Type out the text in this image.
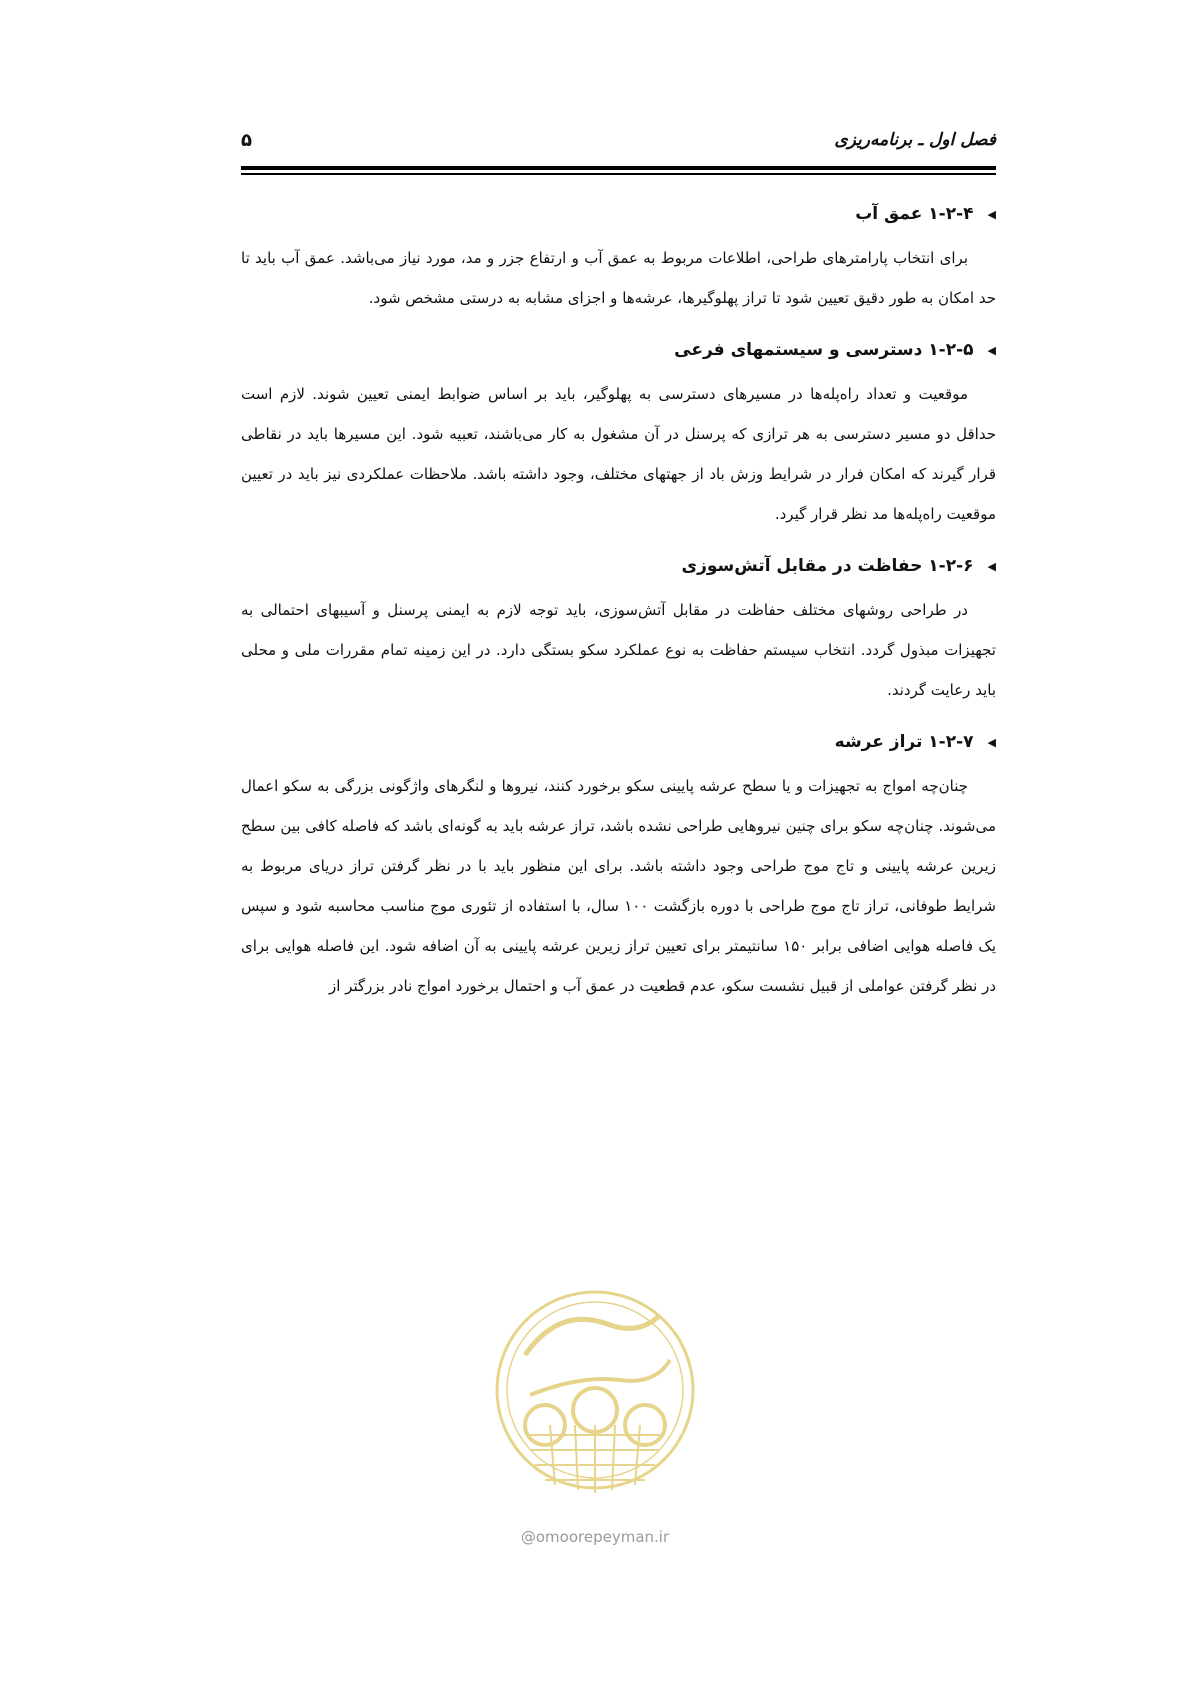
فصل اول ـ برنامه‌ریزی
۵
◀
۱-۲-۴ عمق آب

برای انتخاب پارامترهای طراحی، اطلاعات مربوط به عمق آب و ارتفاع جزر و مد، مورد نیاز می‌باشد. عمق آب باید تا حد امکان به طور دقیق تعیین شود تا تراز پهلوگیرها، عرشه‌ها و اجزای مشابه به درستی مشخص شود.

◀
۱-۲-۵ دسترسی و سیستمهای فرعی

موقعیت و تعداد راه‌پله‌ها در مسیرهای دسترسی به پهلوگیر، باید بر اساس ضوابط ایمنی تعیین شوند. لازم است حداقل دو مسیر دسترسی به هر ترازی که پرسنل در آن مشغول به کار می‌باشند، تعبیه شود. این مسیرها باید در نقاطی قرار گیرند که امکان فرار در شرایط وزش باد از جهتهای مختلف، وجود داشته باشد. ملاحظات عملکردی نیز باید در تعیین موقعیت راه‌پله‌ها مد نظر قرار گیرد.

◀
۱-۲-۶ حفاظت در مقابل آتش‌سوزی

در طراحی روشهای مختلف حفاظت در مقابل آتش‌سوزی، باید توجه لازم به ایمنی پرسنل و آسیبهای احتمالی به تجهیزات مبذول گردد. انتخاب سیستم حفاظت به نوع عملکرد سکو بستگی دارد. در این زمینه تمام مقررات ملی و محلی باید رعایت گردند.

◀
۱-۲-۷ تراز عرشه

چنان‌چه امواج به تجهیزات و یا سطح عرشه پایینی سکو برخورد کنند، نیروها و لنگرهای واژگونی بزرگی به سکو اعمال می‌شوند. چنان‌چه سکو برای چنین نیروهایی طراحی نشده باشد، تراز عرشه باید به گونه‌ای باشد که فاصله کافی بین سطح زیرین عرشه پایینی و تاج موج طراحی وجود داشته باشد. برای این منظور باید با در نظر گرفتن تراز دریای مربوط به شرایط طوفانی، تراز تاج موج طراحی با دوره بازگشت ۱۰۰ سال، با استفاده از تئوری موج مناسب محاسبه شود و سپس یک فاصله هوایی اضافی برابر ۱۵۰ سانتیمتر برای تعیین تراز زیرین عرشه پایینی به آن اضافه شود. این فاصله هوایی برای در نظر گرفتن عواملی از قبیل نشست سکو، عدم قطعیت در عمق آب و احتمال برخورد امواج نادر بزرگتر از

@omoorepeyman.ir
